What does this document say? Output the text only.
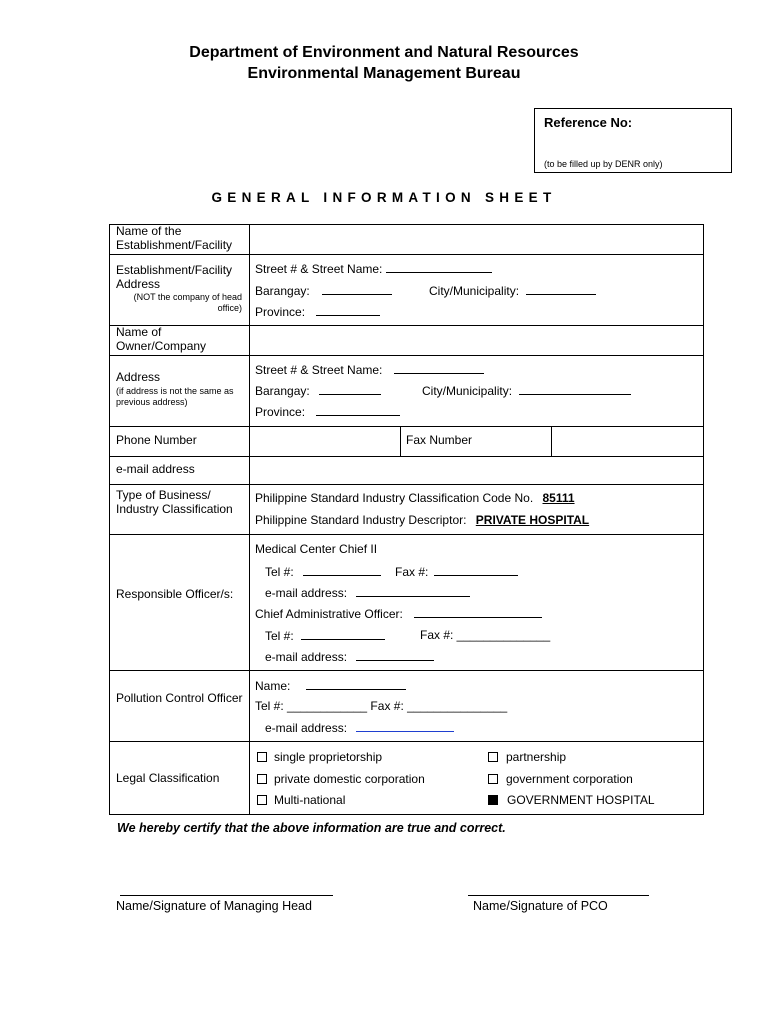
Department of Environment and Natural Resources
Environmental Management Bureau
Reference No:
(to be filled up by DENR only)
GENERAL INFORMATION SHEET
Name of the Establishment/Facility
Establishment/Facility Address
(NOT the company of head office)
Street # & Street Name:
Barangay:	City/Municipality:
Province:
Name of Owner/Company
Address
(if address is not the same as previous address)
Street # & Street Name:
Barangay:	City/Municipality:
Province:
Phone Number	Fax Number
e-mail address
Type of Business/ Industry Classification
Philippine Standard Industry Classification Code No. 85111
Philippine Standard Industry Descriptor: PRIVATE HOSPITAL
Responsible Officer/s:
Medical Center Chief II
Tel #:	Fax #:
e-mail address:
Chief Administrative Officer:
Tel #:	Fax #: ______________
e-mail address:
Pollution Control Officer
Name:
Tel #: ____________ Fax #: _______________
e-mail address:
Legal Classification
single proprietorship	partnership
private domestic corporation	government corporation
Multi-national	GOVERNMENT HOSPITAL
We hereby certify that the above information are true and correct.
Name/Signature of Managing Head	Name/Signature of PCO
